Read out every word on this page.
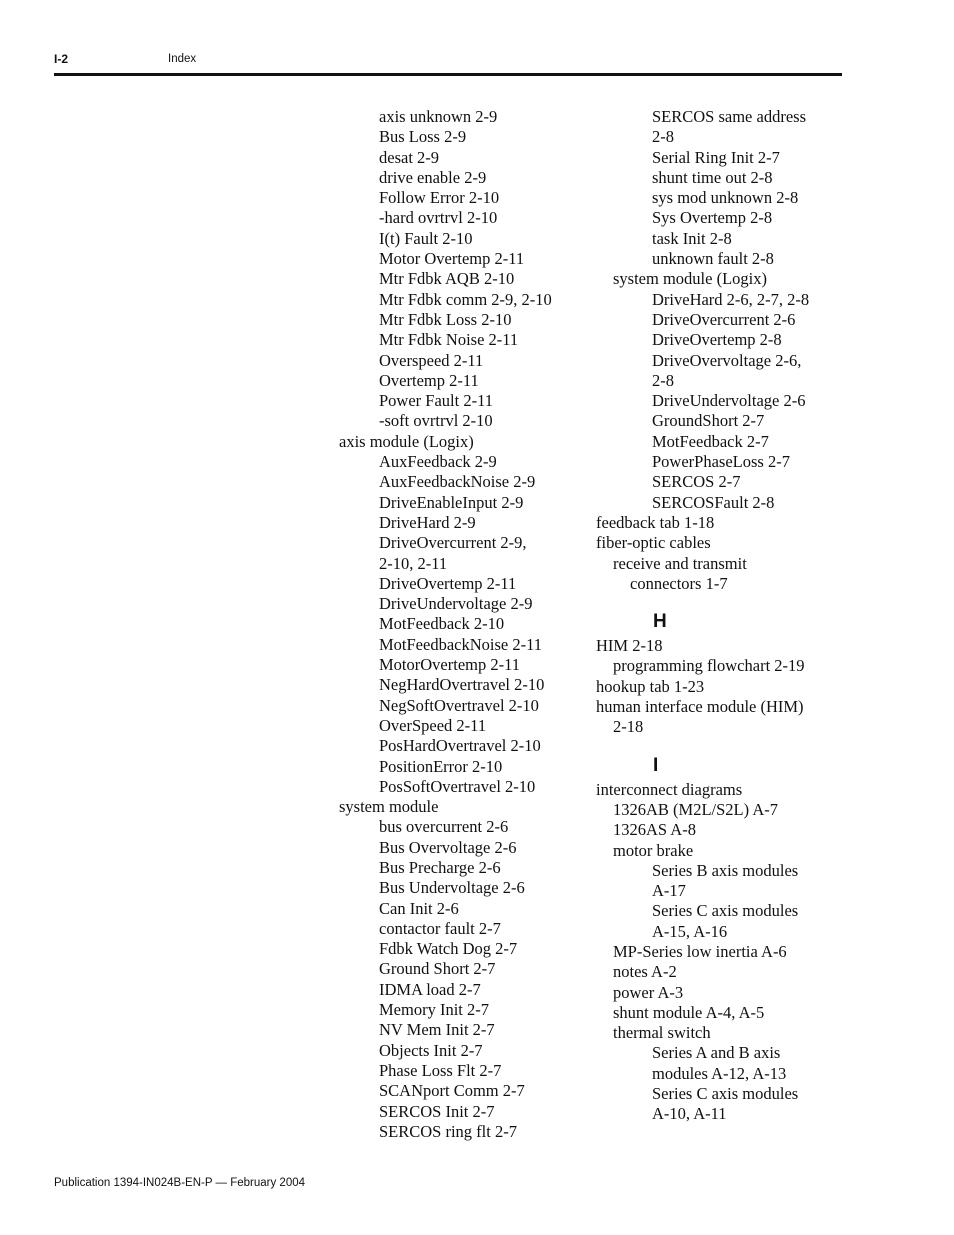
I-2	Index
axis unknown 2-9
Bus Loss 2-9
desat 2-9
drive enable 2-9
Follow Error 2-10
-hard ovrtrvl 2-10
I(t) Fault 2-10
Motor Overtemp 2-11
Mtr Fdbk AQB 2-10
Mtr Fdbk comm 2-9, 2-10
Mtr Fdbk Loss 2-10
Mtr Fdbk Noise 2-11
Overspeed 2-11
Overtemp 2-11
Power Fault 2-11
-soft ovrtrvl 2-10
axis module (Logix)
AuxFeedback 2-9
AuxFeedbackNoise 2-9
DriveEnableInput 2-9
DriveHard 2-9
DriveOvercurrent 2-9,
2-10, 2-11
DriveOvertemp 2-11
DriveUndervoltage 2-9
MotFeedback 2-10
MotFeedbackNoise 2-11
MotorOvertemp 2-11
NegHardOvertravel 2-10
NegSoftOvertravel 2-10
OverSpeed 2-11
PosHardOvertravel 2-10
PositionError 2-10
PosSoftOvertravel 2-10
system module
bus overcurrent 2-6
Bus Overvoltage 2-6
Bus Precharge 2-6
Bus Undervoltage 2-6
Can Init 2-6
contactor fault 2-7
Fdbk Watch Dog 2-7
Ground Short 2-7
IDMA load 2-7
Memory Init 2-7
NV Mem Init 2-7
Objects Init 2-7
Phase Loss Flt 2-7
SCANport Comm 2-7
SERCOS Init 2-7
SERCOS ring flt 2-7
SERCOS same address
2-8
Serial Ring Init 2-7
shunt time out 2-8
sys mod unknown 2-8
Sys Overtemp 2-8
task Init 2-8
unknown fault 2-8
system module (Logix)
DriveHard 2-6, 2-7, 2-8
DriveOvercurrent 2-6
DriveOvertemp 2-8
DriveOvervoltage 2-6,
2-8
DriveUndervoltage 2-6
GroundShort 2-7
MotFeedback 2-7
PowerPhaseLoss 2-7
SERCOS 2-7
SERCOSFault 2-8
feedback tab 1-18
fiber-optic cables
receive and transmit
connectors 1-7
H
HIM 2-18
programming flowchart 2-19
hookup tab 1-23
human interface module (HIM)
2-18
I
interconnect diagrams
1326AB (M2L/S2L) A-7
1326AS A-8
motor brake
Series B axis modules
A-17
Series C axis modules
A-15, A-16
MP-Series low inertia A-6
notes A-2
power A-3
shunt module A-4, A-5
thermal switch
Series A and B axis
modules A-12, A-13
Series C axis modules
A-10, A-11
Publication 1394-IN024B-EN-P — February 2004
